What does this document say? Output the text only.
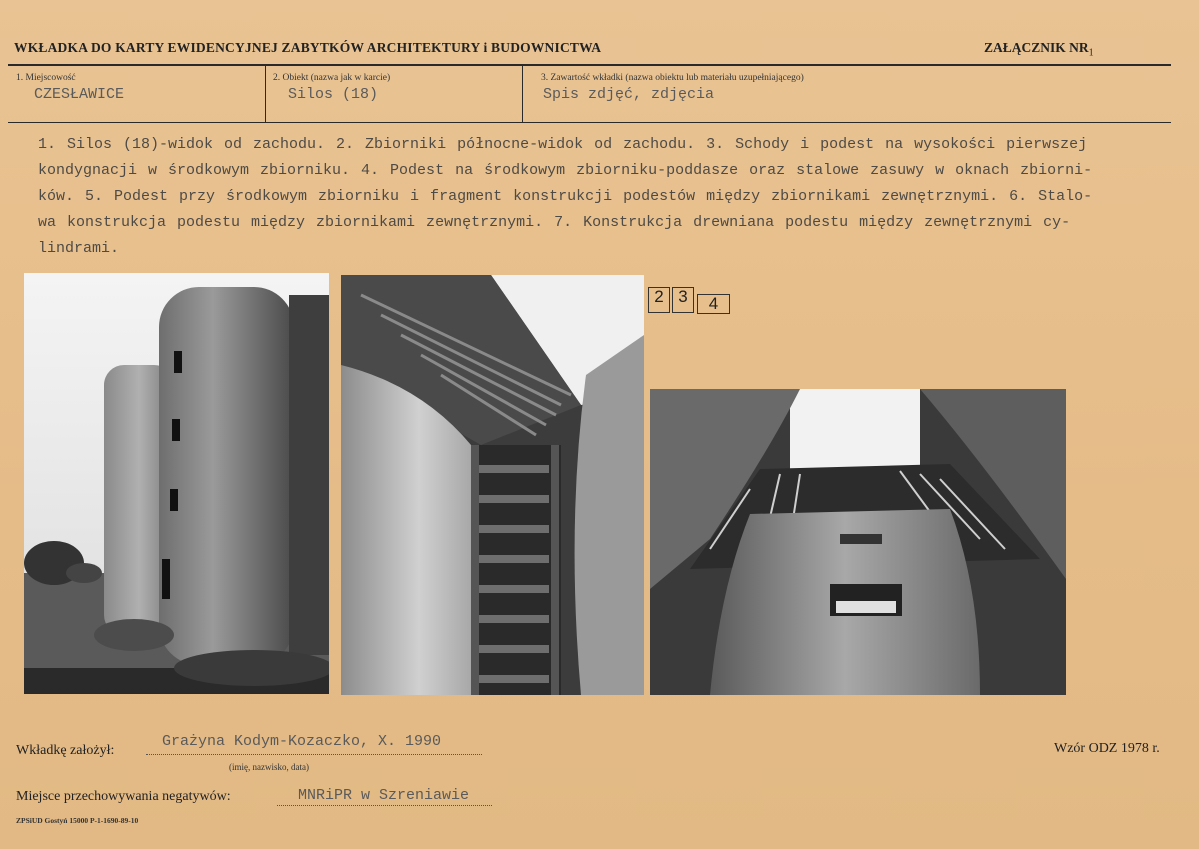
WKŁADKA DO KARTY EWIDENCYJNEJ ZABYTKÓW ARCHITEKTURY i BUDOWNICTWA	ZAŁĄCZNIK $NR_1$
1. Miejscowość
CZESŁAWICE
2. Obiekt (nazwa jak w karcie)
Silos (18)
3. Zawartość wkładki (nazwa obiektu lub materiału uzupełniającego)
Spis zdjęć, zdjęcia
1. Silos (18)-widok od zachodu. 2. Zbiorniki północne-widok od zachodu. 3. Schody i podest na wysokości pierwszej
kondygnacji w środkowym zbiorniku. 4. Podest na środkowym zbiorniku-poddasze oraz stalowe zasuwy w oknach zbiorni-
ków. 5. Podest przy środkowym zbiorniku i fragment konstrukcji podestów między zbiornikami zewnętrznymi. 6. Stalo-
wa konstrukcja podestu między zbiornikami zewnętrznymi. 7. Konstrukcja drewniana podestu między zewnętrznymi cy-
lindrami.
2 3	4
Wkładkę założył:
Grażyna Kodym-Kozaczko, X. 1990
(imię, nazwisko, data)
Wzór ODZ 1978 r.
Miejsce przechowywania negatywów:	MNRiPR w Szreniawie
ZPSiUD Gostyń 15000 P-1-1690-89-10
